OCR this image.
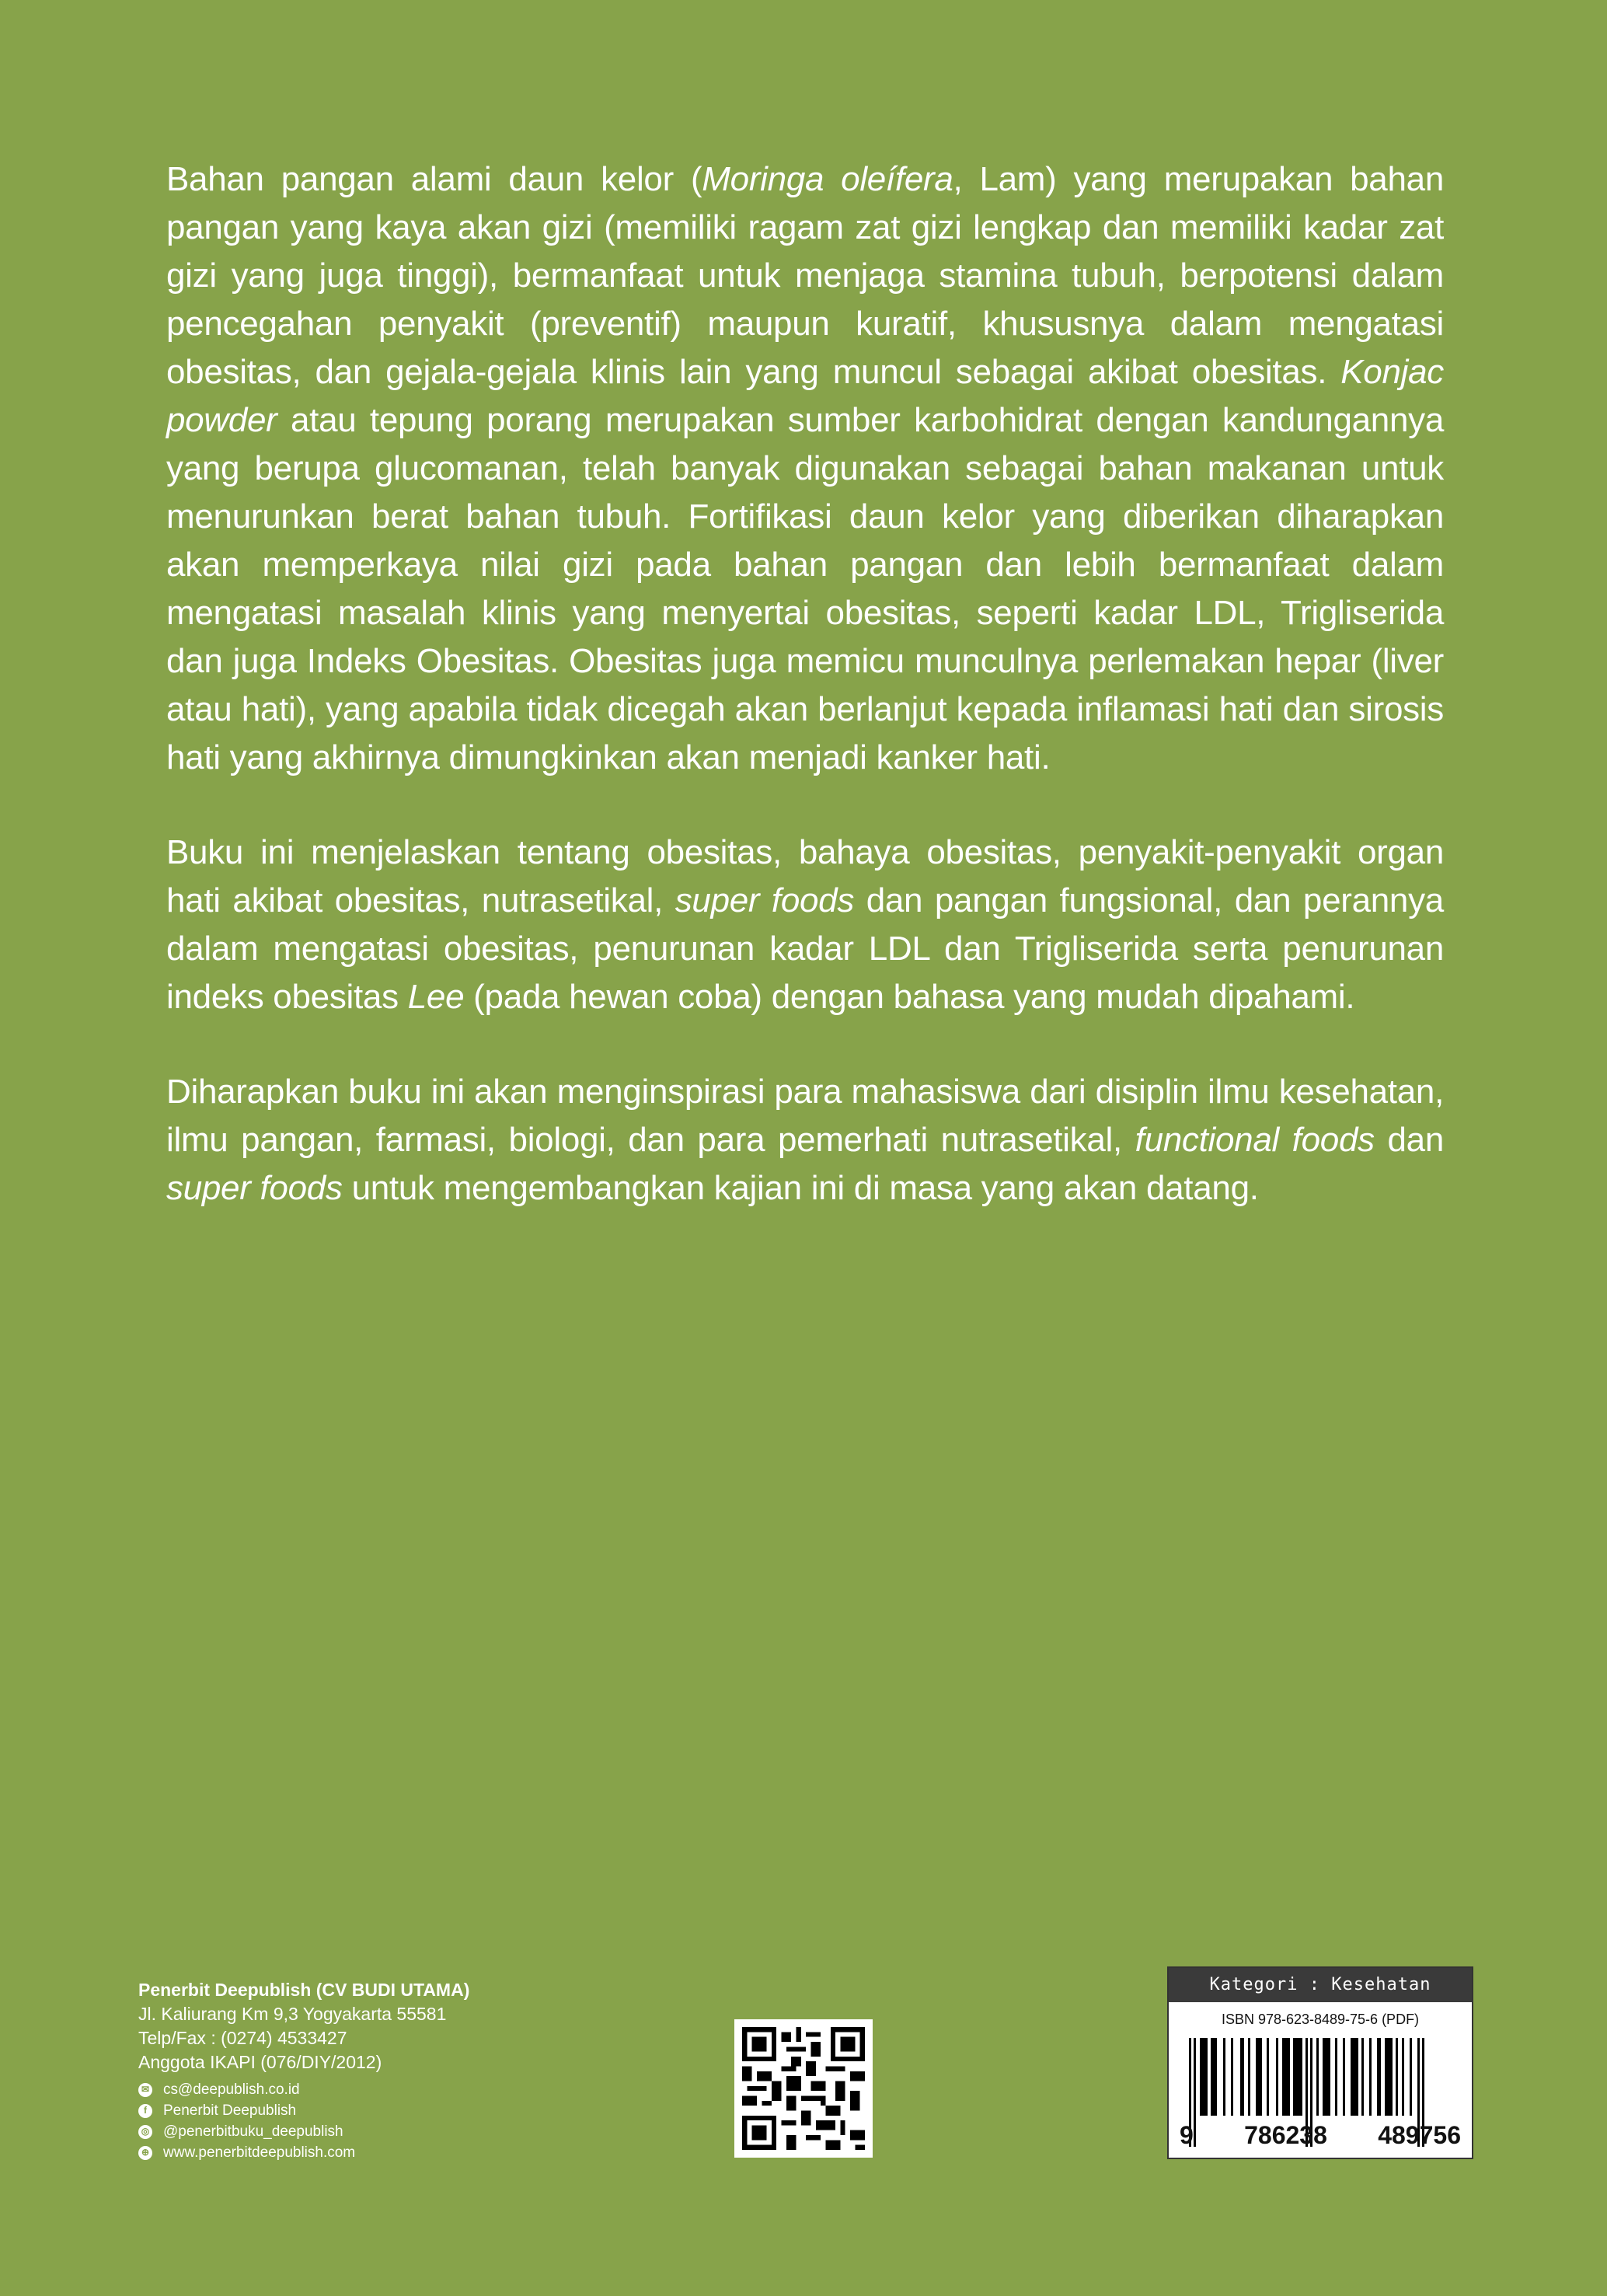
Bahan pangan alami daun kelor (Moringa oleífera, Lam) yang merupakan bahan pangan yang kaya akan gizi (memiliki ragam zat gizi lengkap dan memiliki kadar zat gizi yang juga tinggi), bermanfaat untuk menjaga stamina tubuh, berpotensi dalam pencegahan penyakit (preventif) maupun kuratif, khususnya dalam mengatasi obesitas, dan gejala-gejala klinis lain yang muncul sebagai akibat obesitas. Konjac powder atau tepung porang merupakan sumber karbohidrat dengan kandungannya yang berupa glucomanan, telah banyak digunakan sebagai bahan makanan untuk menurunkan berat bahan tubuh. Fortifikasi daun kelor yang diberikan diharapkan akan memperkaya nilai gizi pada bahan pangan dan lebih bermanfaat dalam mengatasi masalah klinis yang menyertai obesitas, seperti kadar LDL, Trigliserida dan juga Indeks Obesitas. Obesitas juga memicu munculnya perlemakan hepar (liver atau hati), yang apabila tidak dicegah akan berlanjut kepada inflamasi hati dan sirosis hati yang akhirnya dimungkinkan akan menjadi kanker hati.

Buku ini menjelaskan tentang obesitas, bahaya obesitas, penyakit-penyakit organ hati akibat obesitas, nutrasetikal, super foods dan pangan fungsional, dan perannya dalam mengatasi obesitas, penurunan kadar LDL dan Trigliserida serta penurunan indeks obesitas Lee (pada hewan coba) dengan bahasa yang mudah dipahami.

Diharapkan buku ini akan menginspirasi para mahasiswa dari disiplin ilmu kesehatan, ilmu pangan, farmasi, biologi, dan para pemerhati nutrasetikal, functional foods dan super foods untuk mengembangkan kajian ini di masa yang akan datang.

Penerbit Deepublish (CV BUDI UTAMA)
Jl. Kaliurang Km 9,3 Yogyakarta 55581
Telp/Fax : (0274) 4533427
Anggota IKAPI (076/DIY/2012)
✉ cs@deepublish.co.id
f	Penerbit Deepublish
◎ @penerbitbuku_deepublish
⊕ www.penerbitdeepublish.com
Kategori : Kesehatan
ISBN 978-623-8489-75-6 (PDF)
9 786238 489756
